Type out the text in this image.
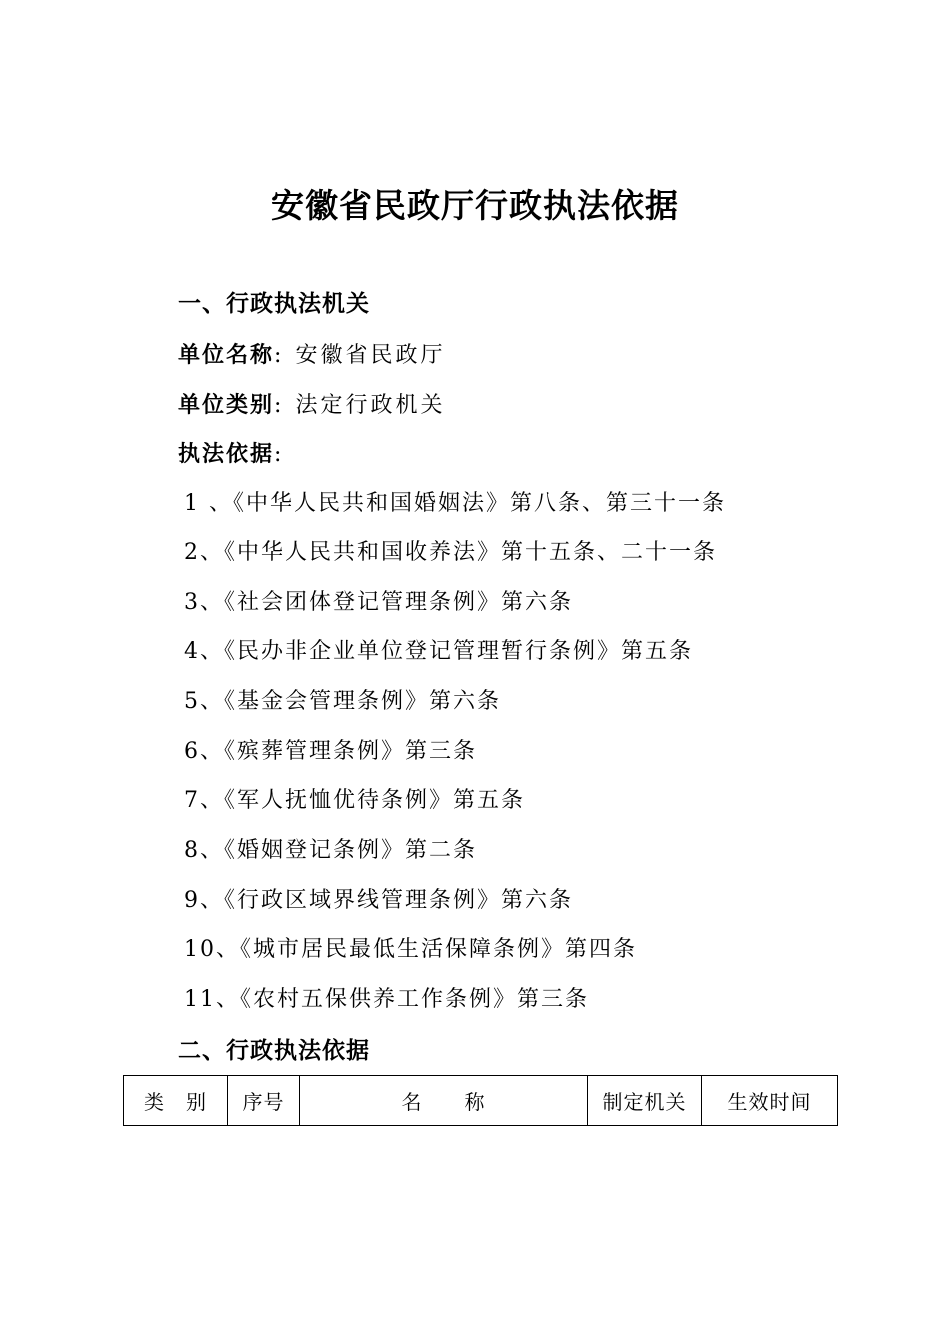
安徽省民政厅行政执法依据
一、行政执法机关
单位名称: 安徽省民政厅
单位类别: 法定行政机关
执法依据:
1 、《中华人民共和国婚姻法》第八条、第三十一条
2、《中华人民共和国收养法》第十五条、二十一条
3、《社会团体登记管理条例》第六条
4、《民办非企业单位登记管理暂行条例》第五条
5、《基金会管理条例》第六条
6、《殡葬管理条例》第三条
7、《军人抚恤优待条例》第五条
8、《婚姻登记条例》第二条
9、《行政区域界线管理条例》第六条
10、《城市居民最低生活保障条例》第四条
11、《农村五保供养工作条例》第三条
二、行政执法依据
类　别	序号	名　　称	制定机关	生效时间
